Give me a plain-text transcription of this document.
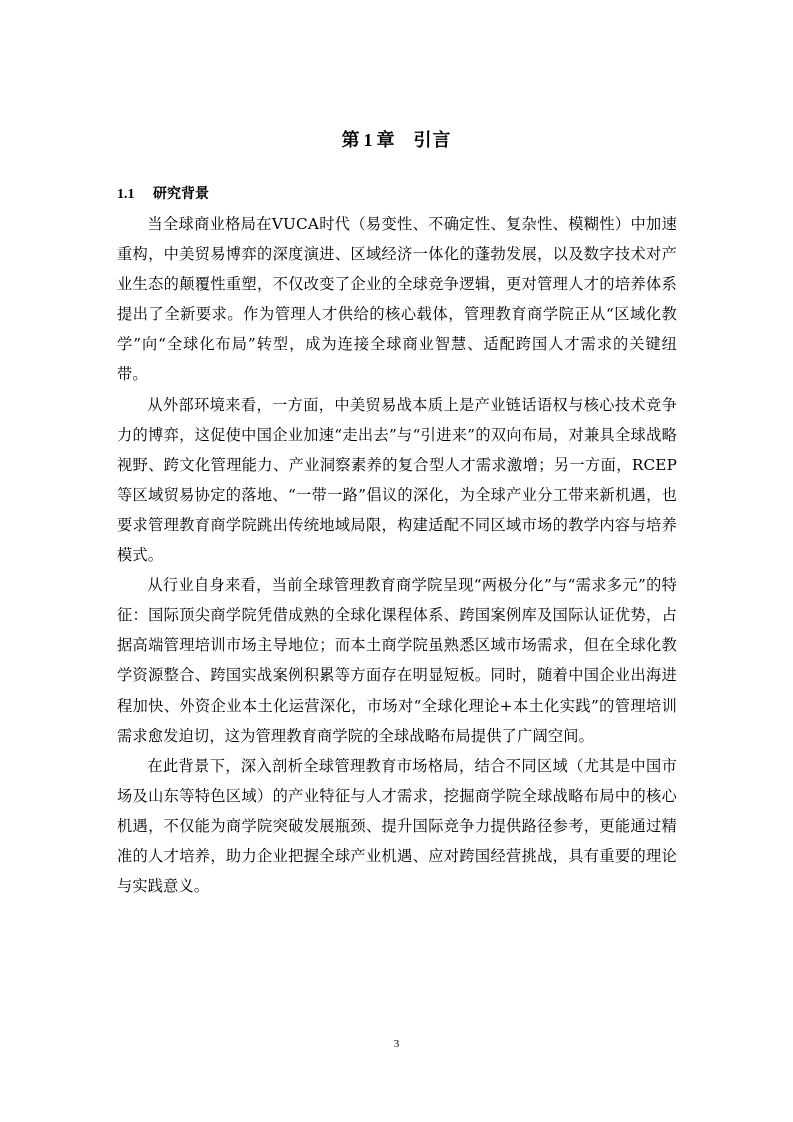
第 1 章 引言
1.1 研究背景

当全球商业格局在VUCA时代（易变性、不确定性、复杂性、模糊性）中加速重构，中美贸易博弈的深度演进、区域经济一体化的蓬勃发展，以及数字技术对产业生态的颠覆性重塑，不仅改变了企业的全球竞争逻辑，更对管理人才的培养体系提出了全新要求。作为管理人才供给的核心载体，管理教育商学院正从“区域化教学”向“全球化布局”转型，成为连接全球商业智慧、适配跨国人才需求的关键纽带。

从外部环境来看，一方面，中美贸易战本质上是产业链话语权与核心技术竞争力的博弈，这促使中国企业加速“走出去”与“引进来”的双向布局，对兼具全球战略视野、跨文化管理能力、产业洞察素养的复合型人才需求激增；另一方面，RCEP等区域贸易协定的落地、“一带一路”倡议的深化，为全球产业分工带来新机遇，也要求管理教育商学院跳出传统地域局限，构建适配不同区域市场的教学内容与培养模式。

从行业自身来看，当前全球管理教育商学院呈现“两极分化”与“需求多元”的特征：国际顶尖商学院凭借成熟的全球化课程体系、跨国案例库及国际认证优势，占据高端管理培训市场主导地位；而本土商学院虽熟悉区域市场需求，但在全球化教学资源整合、跨国实战案例积累等方面存在明显短板。同时，随着中国企业出海进程加快、外资企业本土化运营深化，市场对“全球化理论+本土化实践”的管理培训需求愈发迫切，这为管理教育商学院的全球战略布局提供了广阔空间。

在此背景下，深入剖析全球管理教育市场格局，结合不同区域（尤其是中国市场及山东等特色区域）的产业特征与人才需求，挖掘商学院全球战略布局中的核心机遇，不仅能为商学院突破发展瓶颈、提升国际竞争力提供路径参考，更能通过精准的人才培养，助力企业把握全球产业机遇、应对跨国经营挑战，具有重要的理论与实践意义。

3
